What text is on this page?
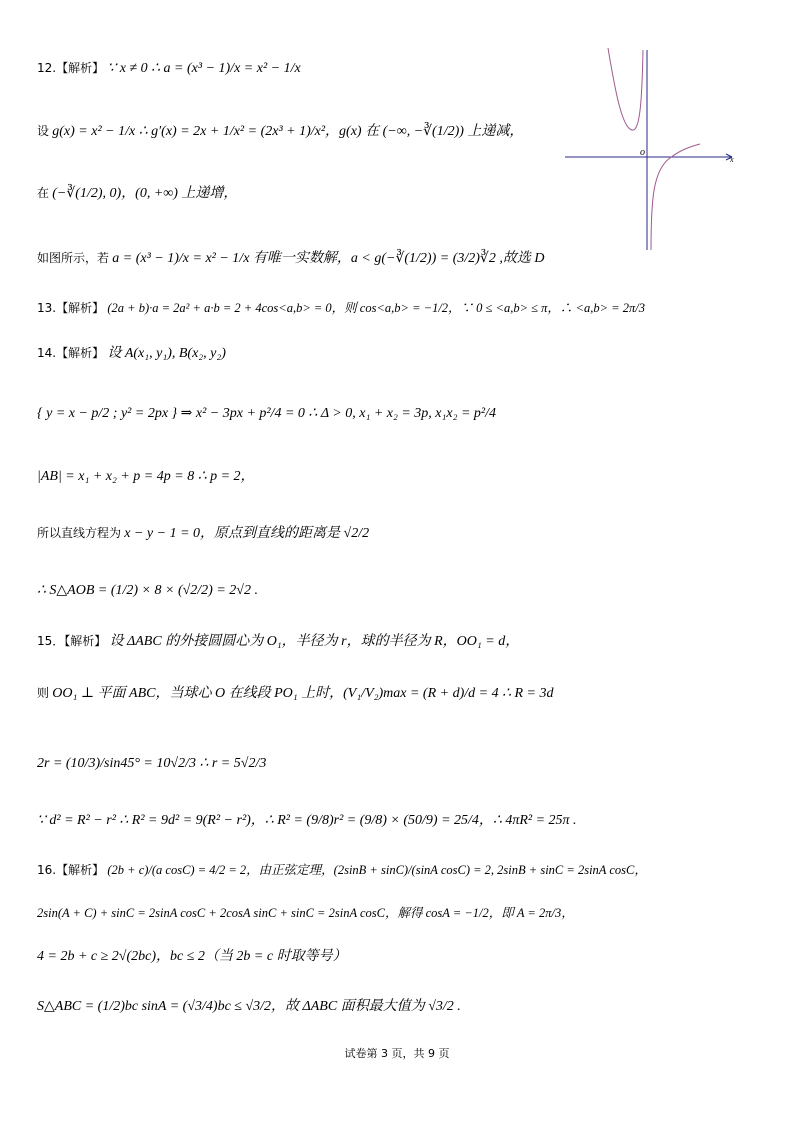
o
x
12.【解析】 ∵ x ≠ 0 ∴ a = (x³ − 1)/x = x² − 1/x
设 g(x) = x² − 1/x ∴ g′(x) = 2x + 1/x² = (2x³ + 1)/x²，g(x) 在 (−∞, −∛(1/2)) 上递减，
在 (−∛(1/2), 0)，(0, +∞) 上递增，
如图所示，若 a = (x³ − 1)/x = x² − 1/x 有唯一实数解，a < g(−∛(1/2)) = (3/2)∛2 ,故选 D
13.【解析】 (2a + b)·a = 2a² + a·b = 2 + 4cos<a,b> = 0，则 cos<a,b> = −1/2，∵ 0 ≤ <a,b> ≤ π，∴ <a,b> = 2π/3
14.【解析】 设 A(x₁, y₁), B(x₂, y₂)
{ y = x − p/2 ; y² = 2px } ⇒ x² − 3px + p²/4 = 0 ∴ Δ > 0, x₁ + x₂ = 3p, x₁x₂ = p²/4
|AB| = x₁ + x₂ + p = 4p = 8 ∴ p = 2，
所以直线方程为 x − y − 1 = 0，原点到直线的距离是 √2/2
∴ S△AOB = (1/2) × 8 × (√2/2) = 2√2 .
15．【解析】 设 ΔABC 的外接圆圆心为 O₁，半径为 r，球的半径为 R，OO₁ = d，
则 OO₁ ⊥ 平面 ABC，当球心 O 在线段 PO₁ 上时，(V₁/V₂)max = (R + d)/d = 4 ∴ R = 3d
2r = (10/3)/sin45° = 10√2/3 ∴ r = 5√2/3
∵ d² = R² − r² ∴ R² = 9d² = 9(R² − r²)，∴ R² = (9/8)r² = (9/8) × (50/9) = 25/4，∴ 4πR² = 25π .
16.【解析】 (2b + c)/(a cosC) = 4/2 = 2，由正弦定理，(2sinB + sinC)/(sinA cosC) = 2, 2sinB + sinC = 2sinA cosC，
2sin(A + C) + sinC = 2sinA cosC + 2cosA sinC + sinC = 2sinA cosC，解得 cosA = −1/2，即 A = 2π/3，
4 = 2b + c ≥ 2√(2bc)，bc ≤ 2（当 2b = c 时取等号）
S△ABC = (1/2)bc sinA = (√3/4)bc ≤ √3/2，故 ΔABC 面积最大值为 √3/2 .
试卷第 3 页，共 9 页
